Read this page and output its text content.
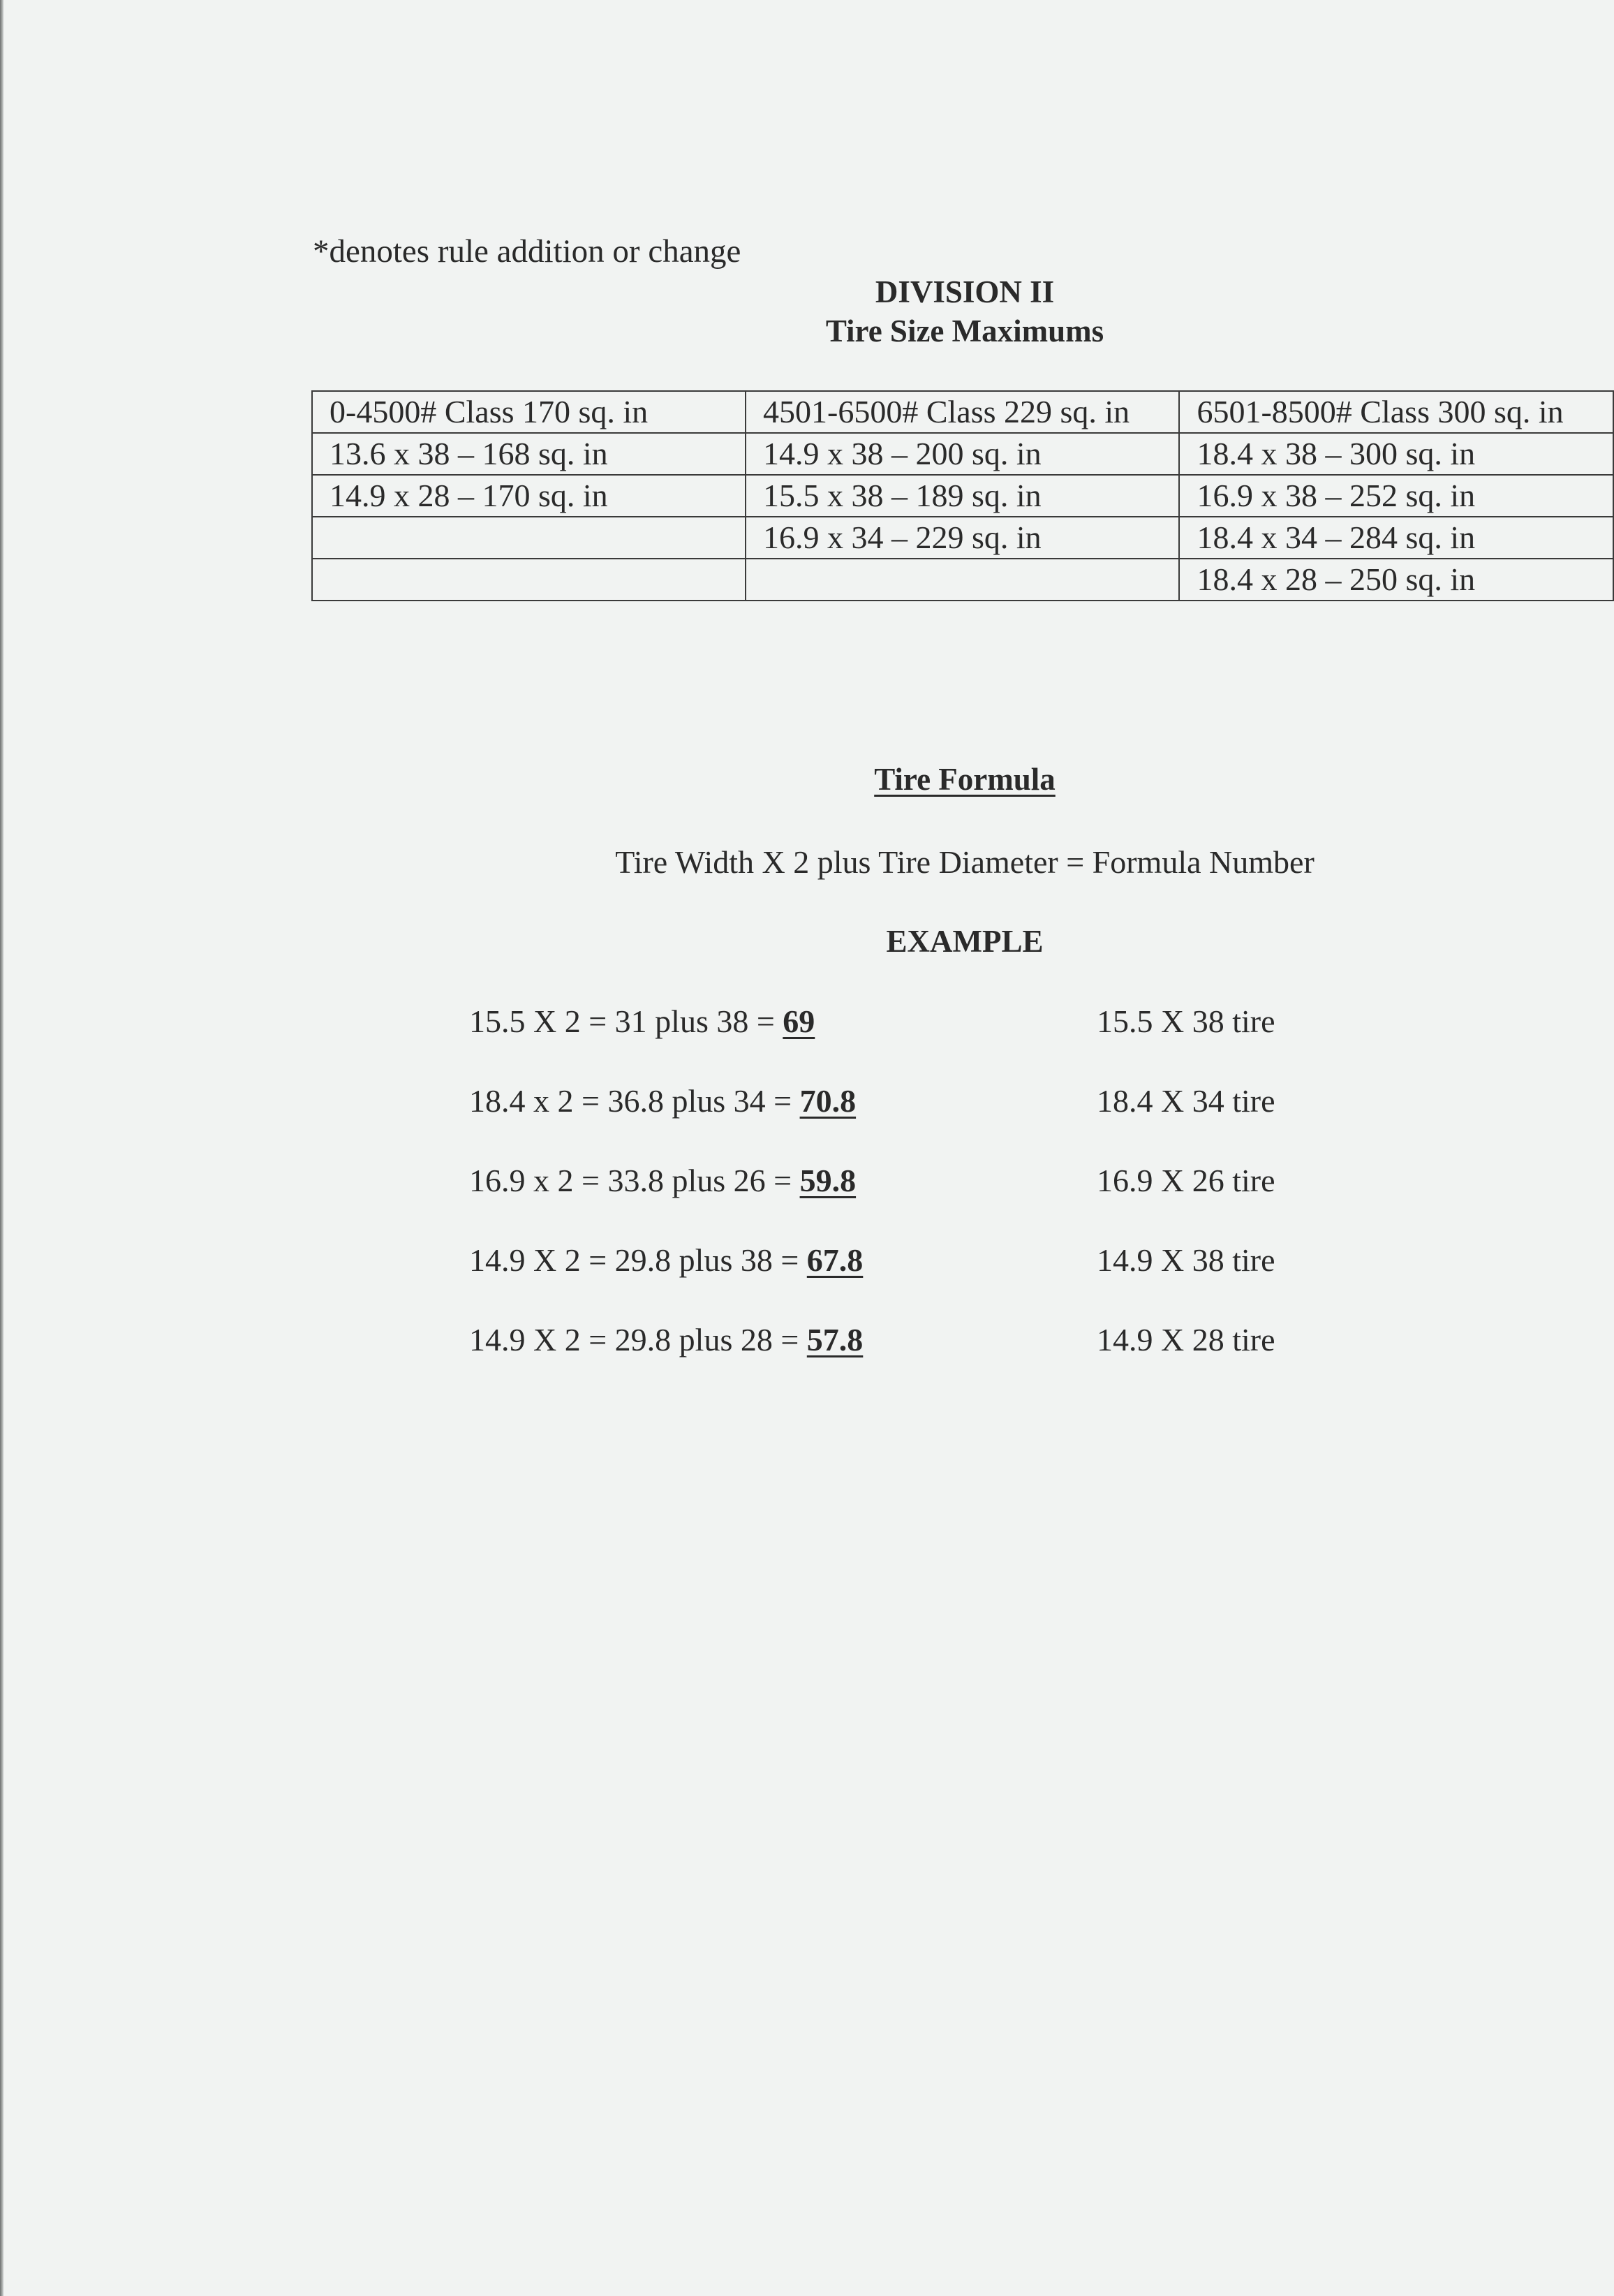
*denotes rule addition or change
DIVISION II
Tire Size Maximums
0-4500# Class 170 sq. in	4501-6500# Class 229 sq. in	6501-8500# Class 300 sq. in
13.6 x 38 – 168 sq. in	14.9 x 38 – 200 sq. in	18.4 x 38 – 300 sq. in
14.9 x 28 – 170 sq. in	15.5 x 38 – 189 sq. in	16.9 x 38 – 252 sq. in
	16.9 x 34 – 229 sq. in	18.4 x 34 – 284 sq. in
		18.4 x 28 – 250 sq. in
Tire Formula
Tire Width X 2 plus Tire Diameter = Formula Number
EXAMPLE
15.5 X 2 = 31 plus 38 = 69	15.5 X 38 tire
18.4 x 2 = 36.8 plus 34 = 70.8	18.4 X 34 tire
16.9 x 2 = 33.8 plus 26 = 59.8	16.9 X 26 tire
14.9 X 2 = 29.8 plus 38 = 67.8	14.9 X 38 tire
14.9 X 2 = 29.8 plus 28 = 57.8	14.9 X 28 tire
